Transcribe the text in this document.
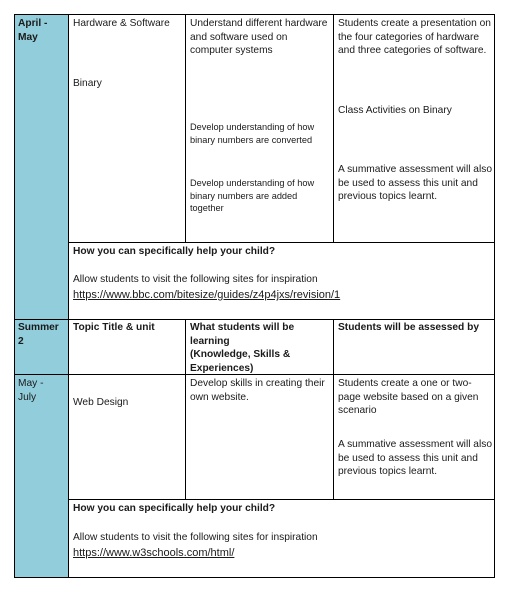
April -
May

Hardware & Software

Binary

Understand different hardware and software used on computer systems

Develop understanding of how binary numbers are converted

Develop understanding of how binary numbers are added together

Students create a presentation on the four categories of hardware and three categories of software.

Class Activities on Binary

A summative assessment will also be used to assess this unit and previous topics learnt.

How you can specifically help your child?

Allow students to visit the following sites for inspiration

https://www.bbc.com/bitesize/guides/z4p4jxs/revision/1

Summer
2

Topic Title & unit	What students will be learning
(Knowledge, Skills & Experiences)

Students will be assessed by

May -
July	Web Design

Develop skills in creating their own website.

Students create a one or two-page website based on a given scenario

A summative assessment will also be used to assess this unit and previous topics learnt.

How you can specifically help your child?

Allow students to visit the following sites for inspiration

https://www.w3schools.com/html/
